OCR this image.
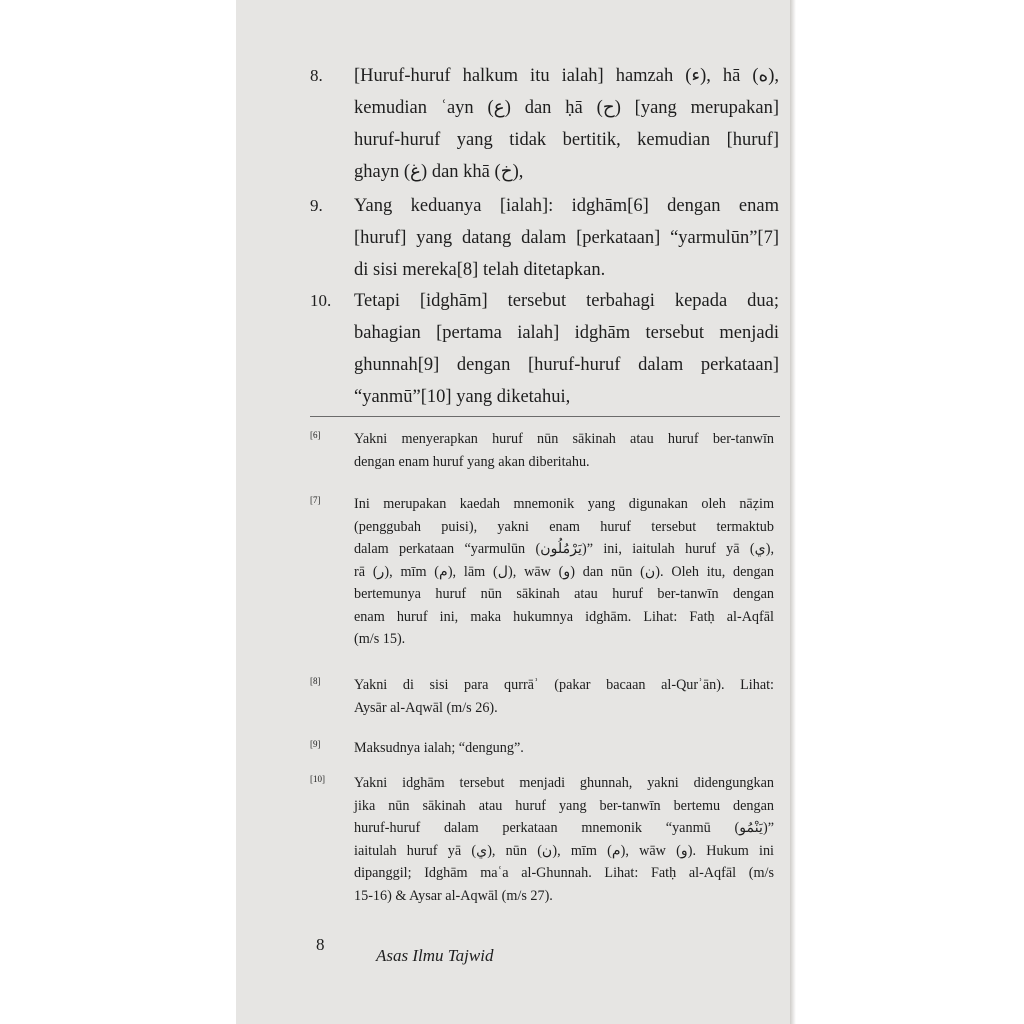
8. [Huruf-huruf halkum itu ialah] hamzah (ء), hā (ه),
kemudian ʿayn (ع) dan ḥā (ح) [yang merupakan]
huruf-huruf yang tidak bertitik, kemudian [huruf]
ghayn (غ) dan khā (خ),
9. Yang keduanya [ialah]: idghām[6] dengan enam
[huruf] yang datang dalam [perkataan] “yarmulūn”[7]
di sisi mereka[8] telah ditetapkan.
10. Tetapi [idghām] tersebut terbahagi kepada dua;
bahagian [pertama ialah] idghām tersebut menjadi
ghunnah[9] dengan [huruf-huruf dalam perkataan]
“yanmū”[10] yang diketahui,
[6] Yakni menyerapkan huruf nūn sākinah atau huruf ber-tanwīn
dengan enam huruf yang akan diberitahu.
[7] Ini merupakan kaedah mnemonik yang digunakan oleh nāẓim
(penggubah puisi), yakni enam huruf tersebut termaktub
dalam perkataan “yarmulūn (يَرْمُلُون)” ini, iaitulah huruf yā (ي),
rā (ر), mīm (م), lām (ل), wāw (و) dan nūn (ن). Oleh itu, dengan
bertemunya huruf nūn sākinah atau huruf ber-tanwīn dengan
enam huruf ini, maka hukumnya idghām. Lihat: Fatḥ al-Aqfāl
(m/s 15).
[8] Yakni di sisi para qurrāʾ (pakar bacaan al-Qurʾān). Lihat:
Aysār al-Aqwāl (m/s 26).
[9] Maksudnya ialah; “dengung”.
[10] Yakni idghām tersebut menjadi ghunnah, yakni didengungkan
jika nūn sākinah atau huruf yang ber-tanwīn bertemu dengan
huruf-huruf dalam perkataan mnemonik “yanmū (يَنْمُو)”
iaitulah huruf yā (ي), nūn (ن), mīm (م), wāw (و). Hukum ini
dipanggil; Idghām maʿa al-Ghunnah. Lihat: Fatḥ al-Aqfāl (m/s
15-16) & Aysar al-Aqwāl (m/s 27).
8
Asas Ilmu Tajwid
